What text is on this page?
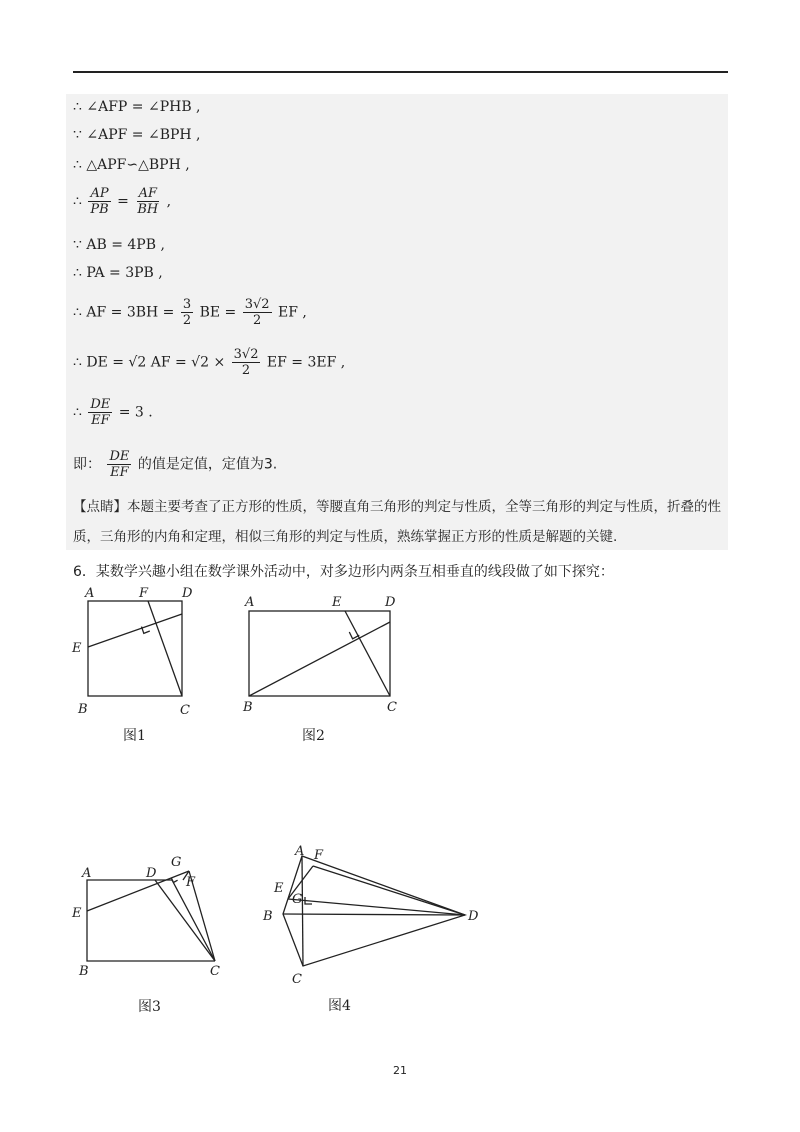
∴ ∠AFP = ∠PHB ,
∵ ∠APF = ∠BPH ,
∴ △APF∽△BPH ,
∴ $\frac{AP}{PB} = \frac{AF}{BH}$ ,
∵ AB = 4PB ,
∴ PA = 3PB ,
∴ AF = $3BH = \frac{3}{2}$ BE = $\frac{3√2}{2}$ EF ,
∴ DE = √2 AF = $√2 \times \frac{3√2}{2}$ EF = 3EF ,
∴ $\frac{DE}{EF} = 3$ .
即： $\frac{DE}{EF}$ 的值是定值，定值为3.
【点睛】本题主要考查了正方形的性质，等腰直角三角形的判定与性质，全等三角形的判定与性质，折叠的性质，三角形的内角和定理，相似三角形的判定与性质，熟练掌握正方形的性质是解题的关键.
6．某数学兴趣小组在数学课外活动中，对多边形内两条互相垂直的线段做了如下探究：
A	F	D
E
B	C
图1
A	E	D
B	C
图2
A	D
G
F
E
B	C
图3
A F
E
G
B	D
C
图4
21
